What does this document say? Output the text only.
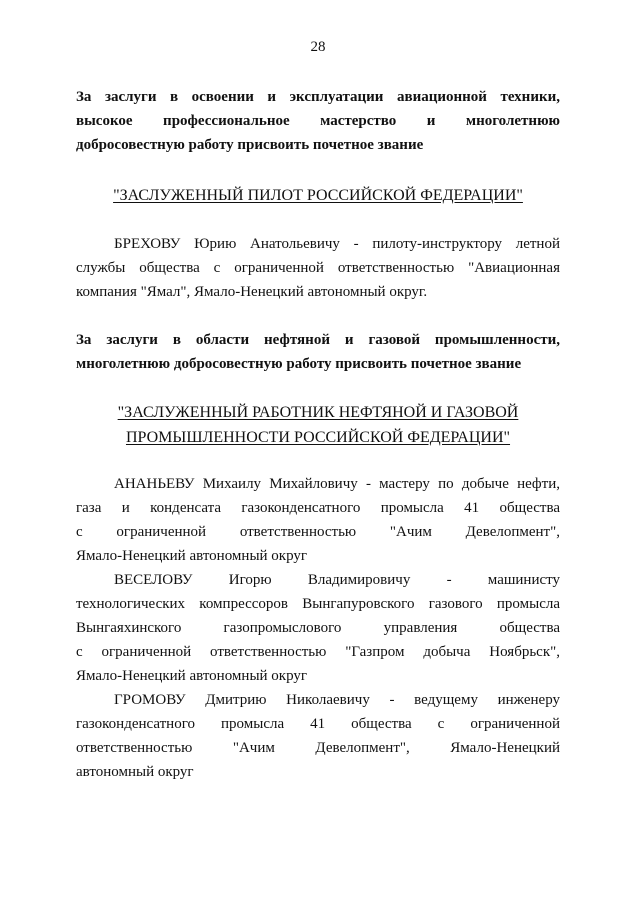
28
За заслуги в освоении и эксплуатации авиационной техники,
высокое профессиональное мастерство и многолетнюю
добросовестную работу присвоить почетное звание
"ЗАСЛУЖЕННЫЙ ПИЛОТ РОССИЙСКОЙ ФЕДЕРАЦИИ"
БРЕХОВУ Юрию Анатольевичу - пилоту-инструктору летной
службы общества с ограниченной ответственностью "Авиационная
компания "Ямал", Ямало-Ненецкий автономный округ.
За заслуги в области нефтяной и газовой промышленности,
многолетнюю добросовестную работу присвоить почетное звание
"ЗАСЛУЖЕННЫЙ РАБОТНИК НЕФТЯНОЙ И ГАЗОВОЙ
ПРОМЫШЛЕННОСТИ РОССИЙСКОЙ ФЕДЕРАЦИИ"
АНАНЬЕВУ Михаилу Михайловичу - мастеру по добыче нефти,
газа и конденсата газоконденсатного промысла 41 общества
с ограниченной ответственностью "Ачим Девелопмент",
Ямало-Ненецкий автономный округ
ВЕСЕЛОВУ Игорю Владимировичу - машинисту
технологических компрессоров Вынгапуровского газового промысла
Вынгаяхинского газопромыслового управления общества
с ограниченной ответственностью "Газпром добыча Ноябрьск",
Ямало-Ненецкий автономный округ
ГРОМОВУ Дмитрию Николаевичу - ведущему инженеру
газоконденсатного промысла 41 общества с ограниченной
ответственностью "Ачим Девелопмент", Ямало-Ненецкий
автономный округ
